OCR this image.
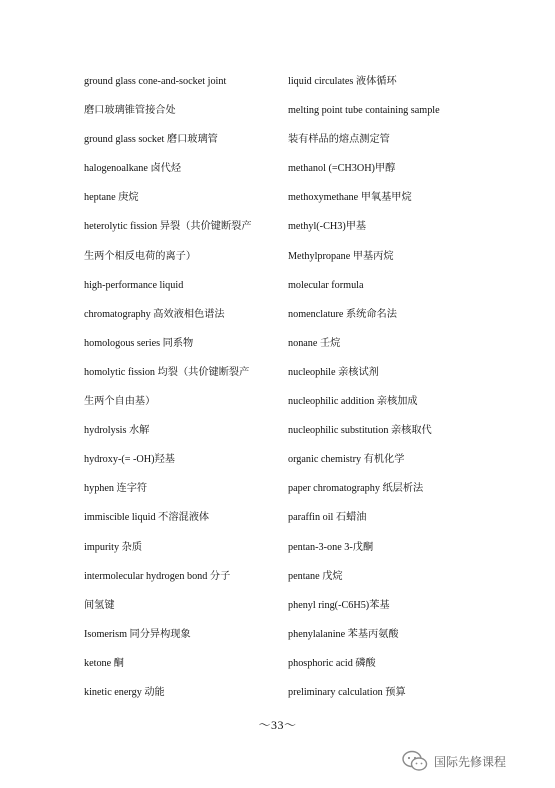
ground glass cone-and-socket joint
磨口玻璃锥管接合处
ground glass socket 磨口玻璃管
halogenoalkane 卤代烃
heptane 庚烷
heterolytic fission 异裂（共价键断裂产
生两个相反电荷的离子）
high-performance liquid
chromatography 高效液相色谱法
homologous series 同系物
homolytic fission 均裂（共价键断裂产
生两个自由基）
hydrolysis 水解
hydroxy-(= -OH)羟基
hyphen 连字符
immiscible liquid 不溶混液体
impurity 杂质
intermolecular hydrogen bond 分子
间氢键
Isomerism 同分异构现象
ketone 酮
kinetic energy 动能
liquid circulates 液体循环
melting point tube containing sample
装有样品的熔点测定管
methanol (=CH3OH)甲醇
methoxymethane 甲氧基甲烷
methyl(-CH3)甲基
Methylpropane 甲基丙烷
molecular formula
nomenclature 系统命名法
nonane 壬烷
nucleophile 亲核试剂
nucleophilic addition 亲核加成
nucleophilic substitution 亲核取代
organic chemistry 有机化学
paper chromatography 纸层析法
paraffin oil 石蜡油
pentan-3-one 3-戊酮
pentane 戊烷
phenyl ring(-C6H5)苯基
phenylalanine 苯基丙氨酸
phosphoric acid 磷酸
preliminary calculation 预算
～33～
国际先修课程
